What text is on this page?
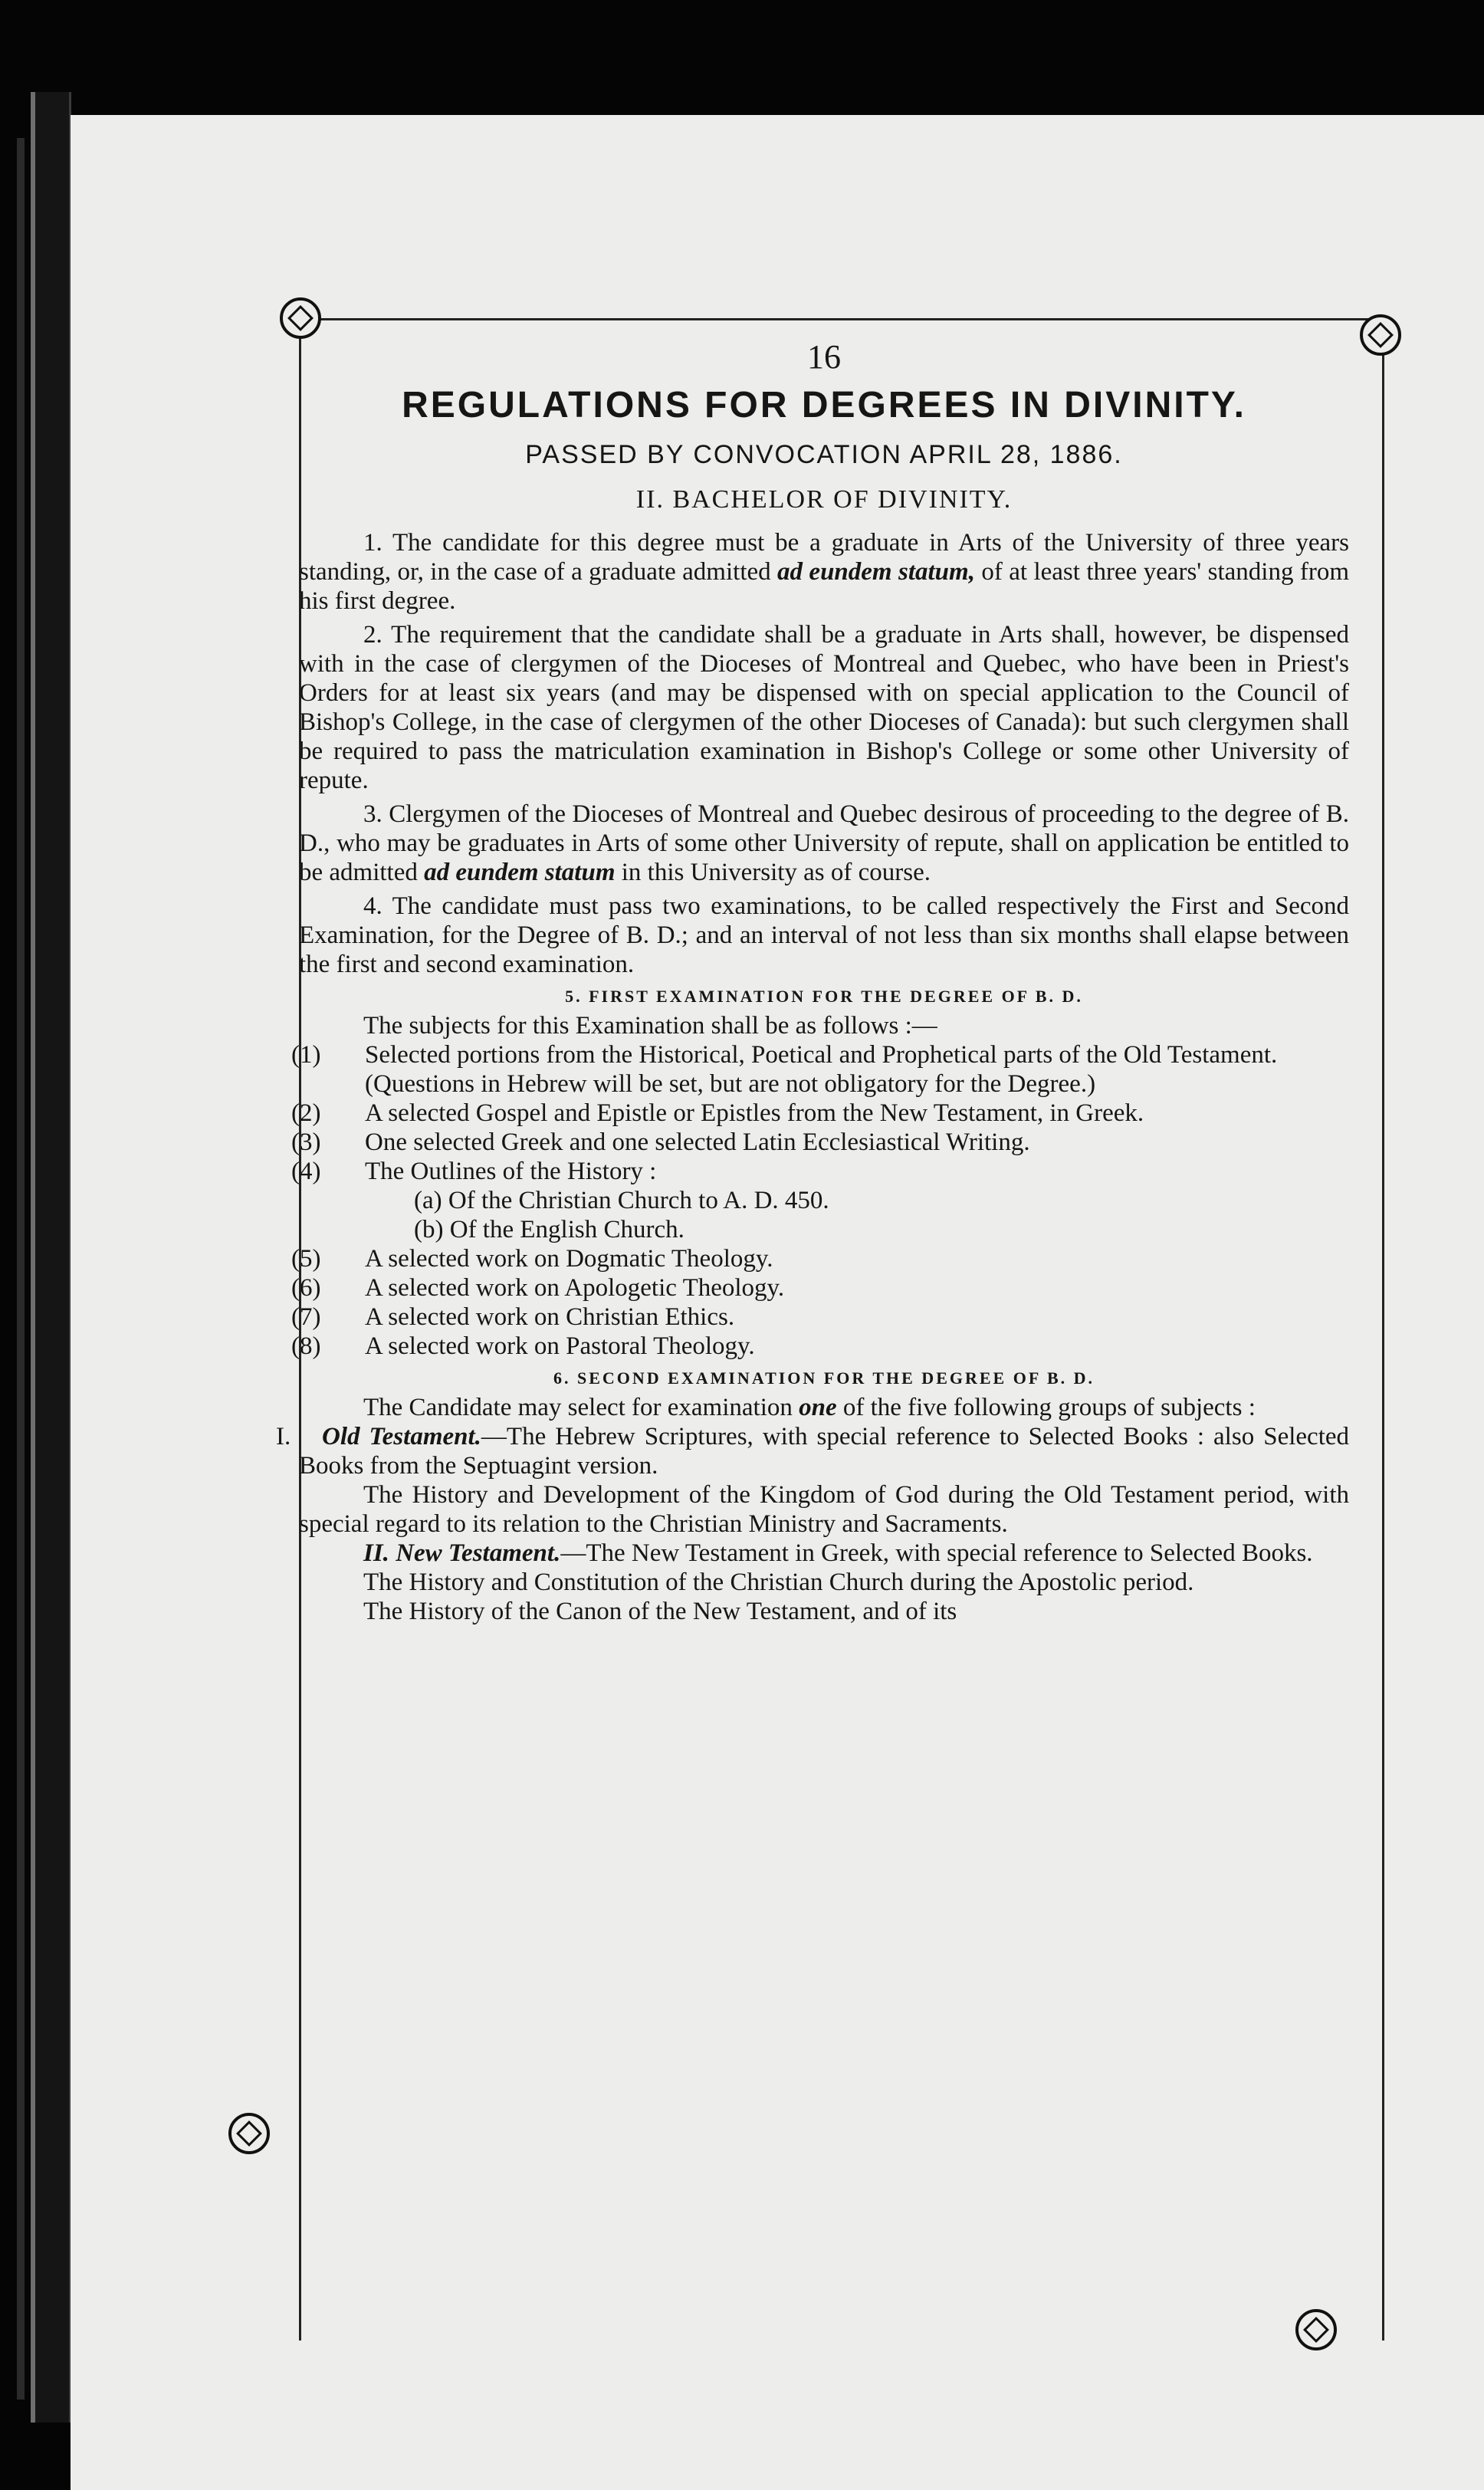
16

REGULATIONS FOR DEGREES IN DIVINITY.

PASSED BY CONVOCATION APRIL 28, 1886.

II. BACHELOR OF DIVINITY.

1. The candidate for this degree must be a graduate in Arts of the University of three years standing, or, in the case of a graduate admitted ad eundem statum, of at least three years' standing from his first degree.

2. The requirement that the candidate shall be a graduate in Arts shall, however, be dispensed with in the case of clergymen of the Dioceses of Montreal and Quebec, who have been in Priest's Orders for at least six years (and may be dispensed with on special application to the Council of Bishop's College, in the case of clergymen of the other Dioceses of Canada): but such clergymen shall be required to pass the matriculation examination in Bishop's College or some other University of repute.

3. Clergymen of the Dioceses of Montreal and Quebec desirous of proceeding to the degree of B. D., who may be graduates in Arts of some other University of repute, shall on application be entitled to be admitted ad eundem statum in this University as of course.

4. The candidate must pass two examinations, to be called respectively the First and Second Examination, for the Degree of B. D.; and an interval of not less than six months shall elapse between the first and second examination.

5. FIRST EXAMINATION FOR THE DEGREE OF B. D.

The subjects for this Examination shall be as follows :—

(1) Selected portions from the Historical, Poetical and Prophetical parts of the Old Testament. (Questions in Hebrew will be set, but are not obligatory for the Degree.)
(2) A selected Gospel and Epistle or Epistles from the New Testament, in Greek.
(3) One selected Greek and one selected Latin Ecclesiastical Writing.
(4) The Outlines of the History :
(a) Of the Christian Church to A. D. 450.
(b) Of the English Church.
(5) A selected work on Dogmatic Theology.
(6) A selected work on Apologetic Theology.
(7) A selected work on Christian Ethics.
(8) A selected work on Pastoral Theology.

6. SECOND EXAMINATION FOR THE DEGREE OF B. D.

The Candidate may select for examination one of the five following groups of subjects :

I. Old Testament.—The Hebrew Scriptures, with special reference to Selected Books : also Selected Books from the Septuagint version.

The History and Development of the Kingdom of God during the Old Testament period, with special regard to its relation to the Christian Ministry and Sacraments.

II. New Testament.—The New Testament in Greek, with special reference to Selected Books.

The History and Constitution of the Christian Church during the Apostolic period.

The History of the Canon of the New Testament, and of its
